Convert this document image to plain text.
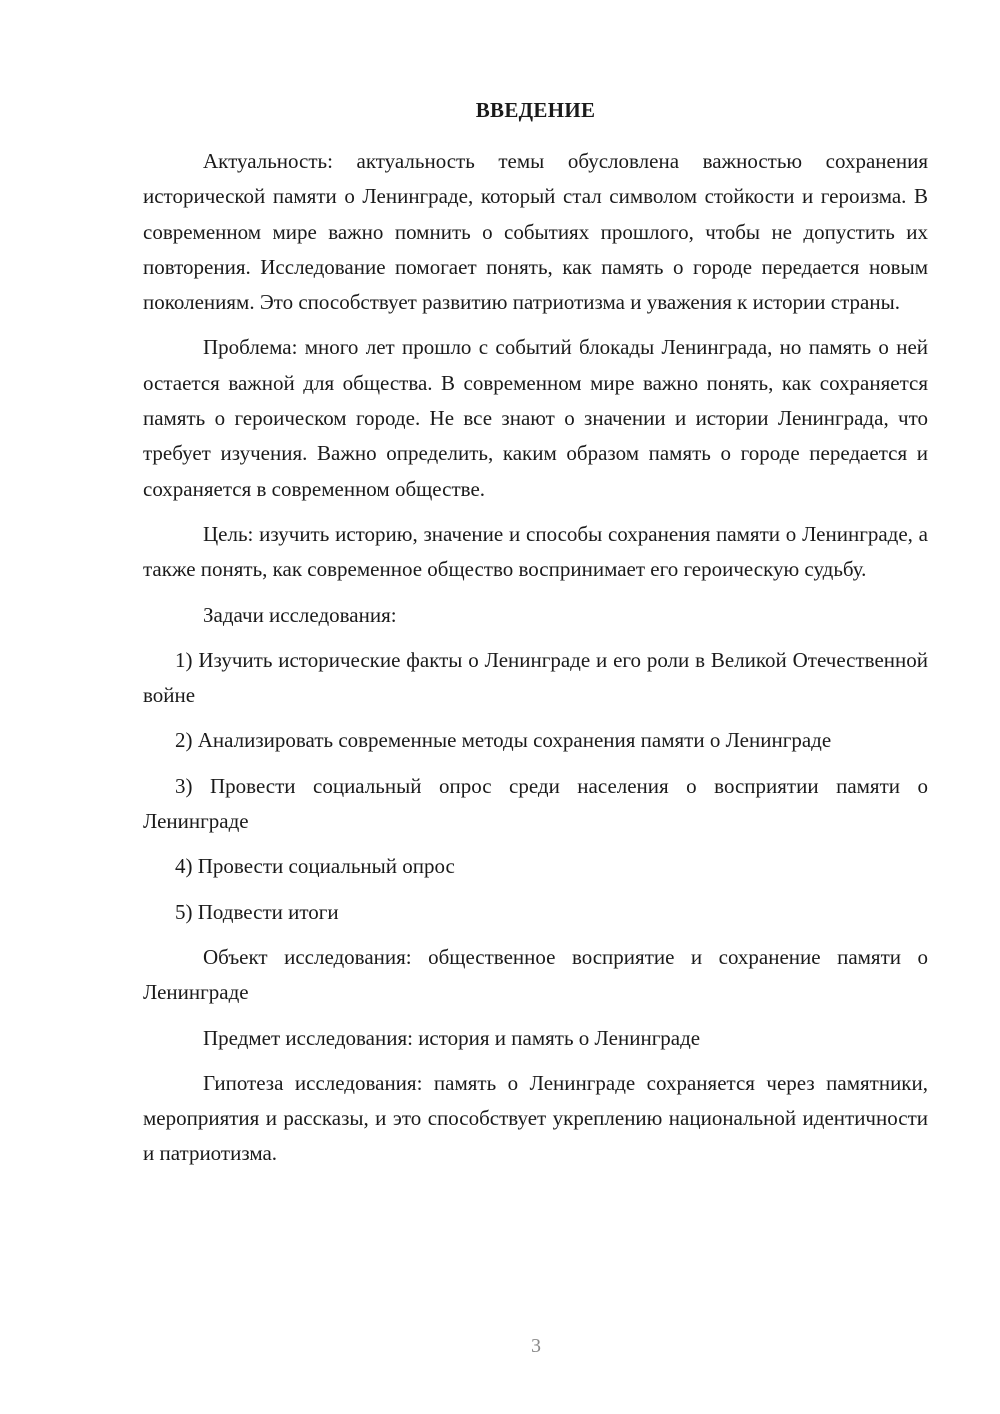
ВВЕДЕНИЕ

Актуальность: актуальность темы обусловлена важностью сохранения исторической памяти о Ленинграде, который стал символом стойкости и героизма. В современном мире важно помнить о событиях прошлого, чтобы не допустить их повторения. Исследование помогает понять, как память о городе передается новым поколениям. Это способствует развитию патриотизма и уважения к истории страны.

Проблема: много лет прошло с событий блокады Ленинграда, но память о ней остается важной для общества. В современном мире важно понять, как сохраняется память о героическом городе. Не все знают о значении и истории Ленинграда, что требует изучения. Важно определить, каким образом память о городе передается и сохраняется в современном обществе.

Цель: изучить историю, значение и способы сохранения памяти о Ленинграде, а также понять, как современное общество воспринимает его героическую судьбу.

Задачи исследования:

1) Изучить исторические факты о Ленинграде и его роли в Великой Отечественной войне

2) Анализировать современные методы сохранения памяти о Ленинграде

3) Провести социальный опрос среди населения о восприятии памяти о Ленинграде

4) Провести социальный опрос

5) Подвести итоги

Объект исследования: общественное восприятие и сохранение памяти о Ленинграде

Предмет исследования: история и память о Ленинграде

Гипотеза исследования: память о Ленинграде сохраняется через памятники, мероприятия и рассказы, и это способствует укреплению национальной идентичности и патриотизма.

3
